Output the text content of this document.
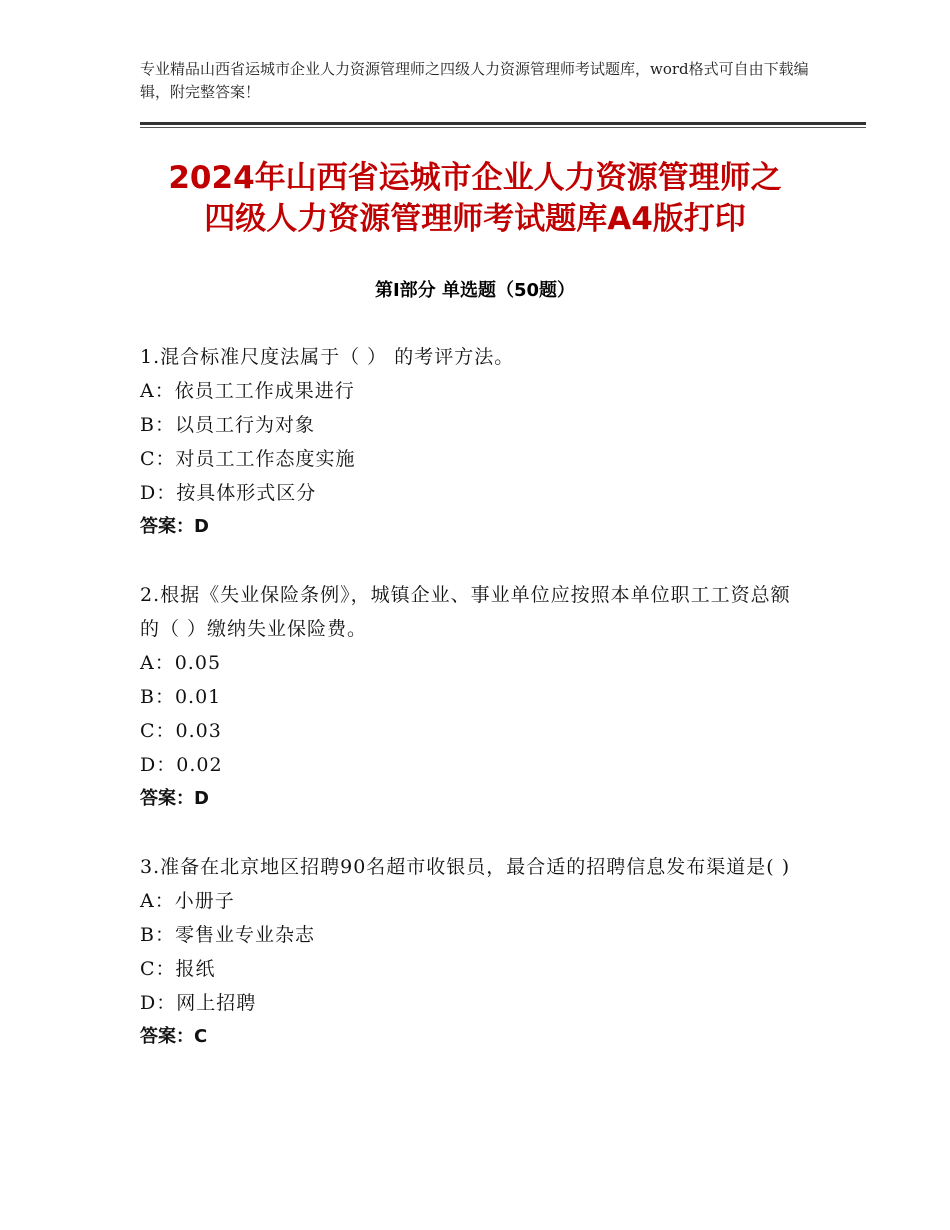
专业精品山西省运城市企业人力资源管理师之四级人力资源管理师考试题库，word格式可自由下载编辑，附完整答案！
2024年山西省运城市企业人力资源管理师之
四级人力资源管理师考试题库A4版打印
第Ⅰ部分 单选题（50题）
1.混合标准尺度法属于（ ） 的考评方法。
A：依员工工作成果进行
B：以员工行为对象
C：对员工工作态度实施
D：按具体形式区分
答案：D
2.根据《失业保险条例》，城镇企业、事业单位应按照本单位职工工资总额的（ ）缴纳失业保险费。
A：0.05
B：0.01
C：0.03
D：0.02
答案：D
3.准备在北京地区招聘90名超市收银员，最合适的招聘信息发布渠道是( )
A：小册子
B：零售业专业杂志
C：报纸
D：网上招聘
答案：C
